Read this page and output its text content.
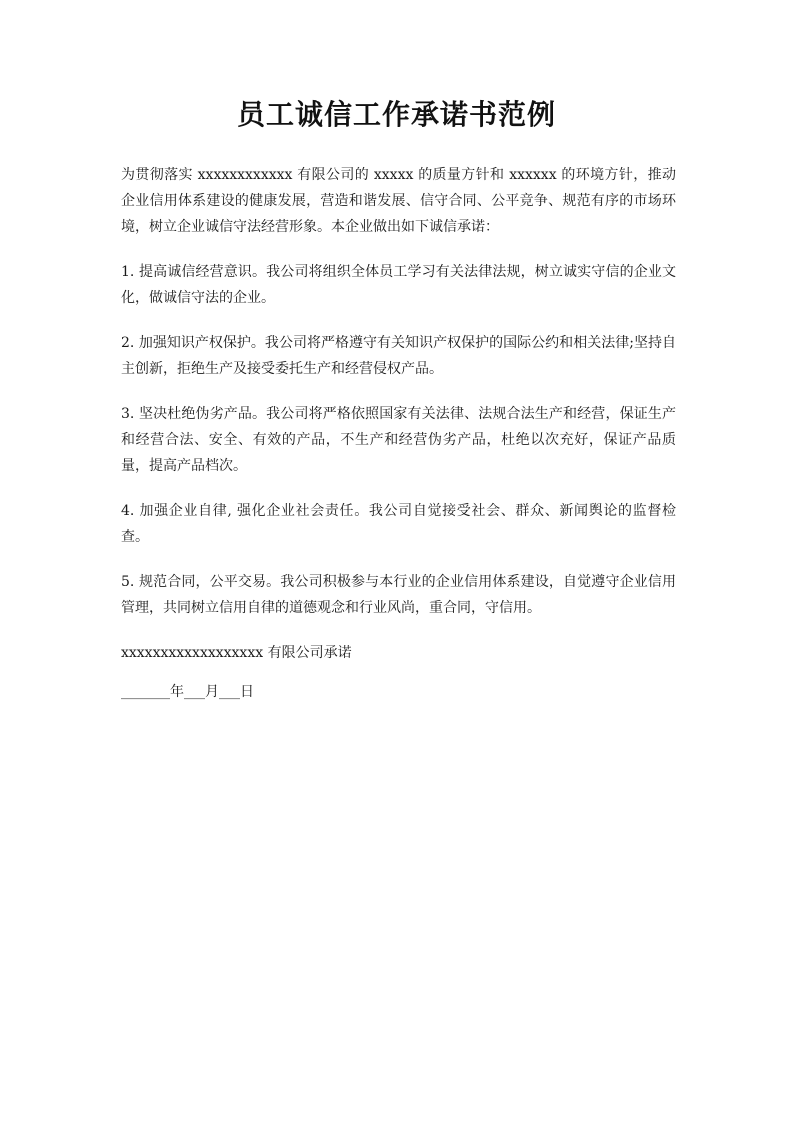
员工诚信工作承诺书范例

为贯彻落实 xxxxxxxxxxxx 有限公司的 xxxxx 的质量方针和 xxxxxx 的环境方针，推动企业信用体系建设的健康发展，营造和谐发展、信守合同、公平竞争、规范有序的市场环境，树立企业诚信守法经营形象。本企业做出如下诚信承诺：

1. 提高诚信经营意识。我公司将组织全体员工学习有关法律法规，树立诚实守信的企业文化，做诚信守法的企业。

2. 加强知识产权保护。我公司将严格遵守有关知识产权保护的国际公约和相关法律;坚持自主创新，拒绝生产及接受委托生产和经营侵权产品。

3. 坚决杜绝伪劣产品。我公司将严格依照国家有关法律、法规合法生产和经营，保证生产和经营合法、安全、有效的产品，不生产和经营伪劣产品，杜绝以次充好，保证产品质量，提高产品档次。

4. 加强企业自律, 强化企业社会责任。我公司自觉接受社会、群众、新闻舆论的监督检查。

5. 规范合同，公平交易。我公司积极参与本行业的企业信用体系建设，自觉遵守企业信用管理，共同树立信用自律的道德观念和行业风尚，重合同，守信用。

xxxxxxxxxxxxxxxxxx 有限公司承诺

_______年___月___日
